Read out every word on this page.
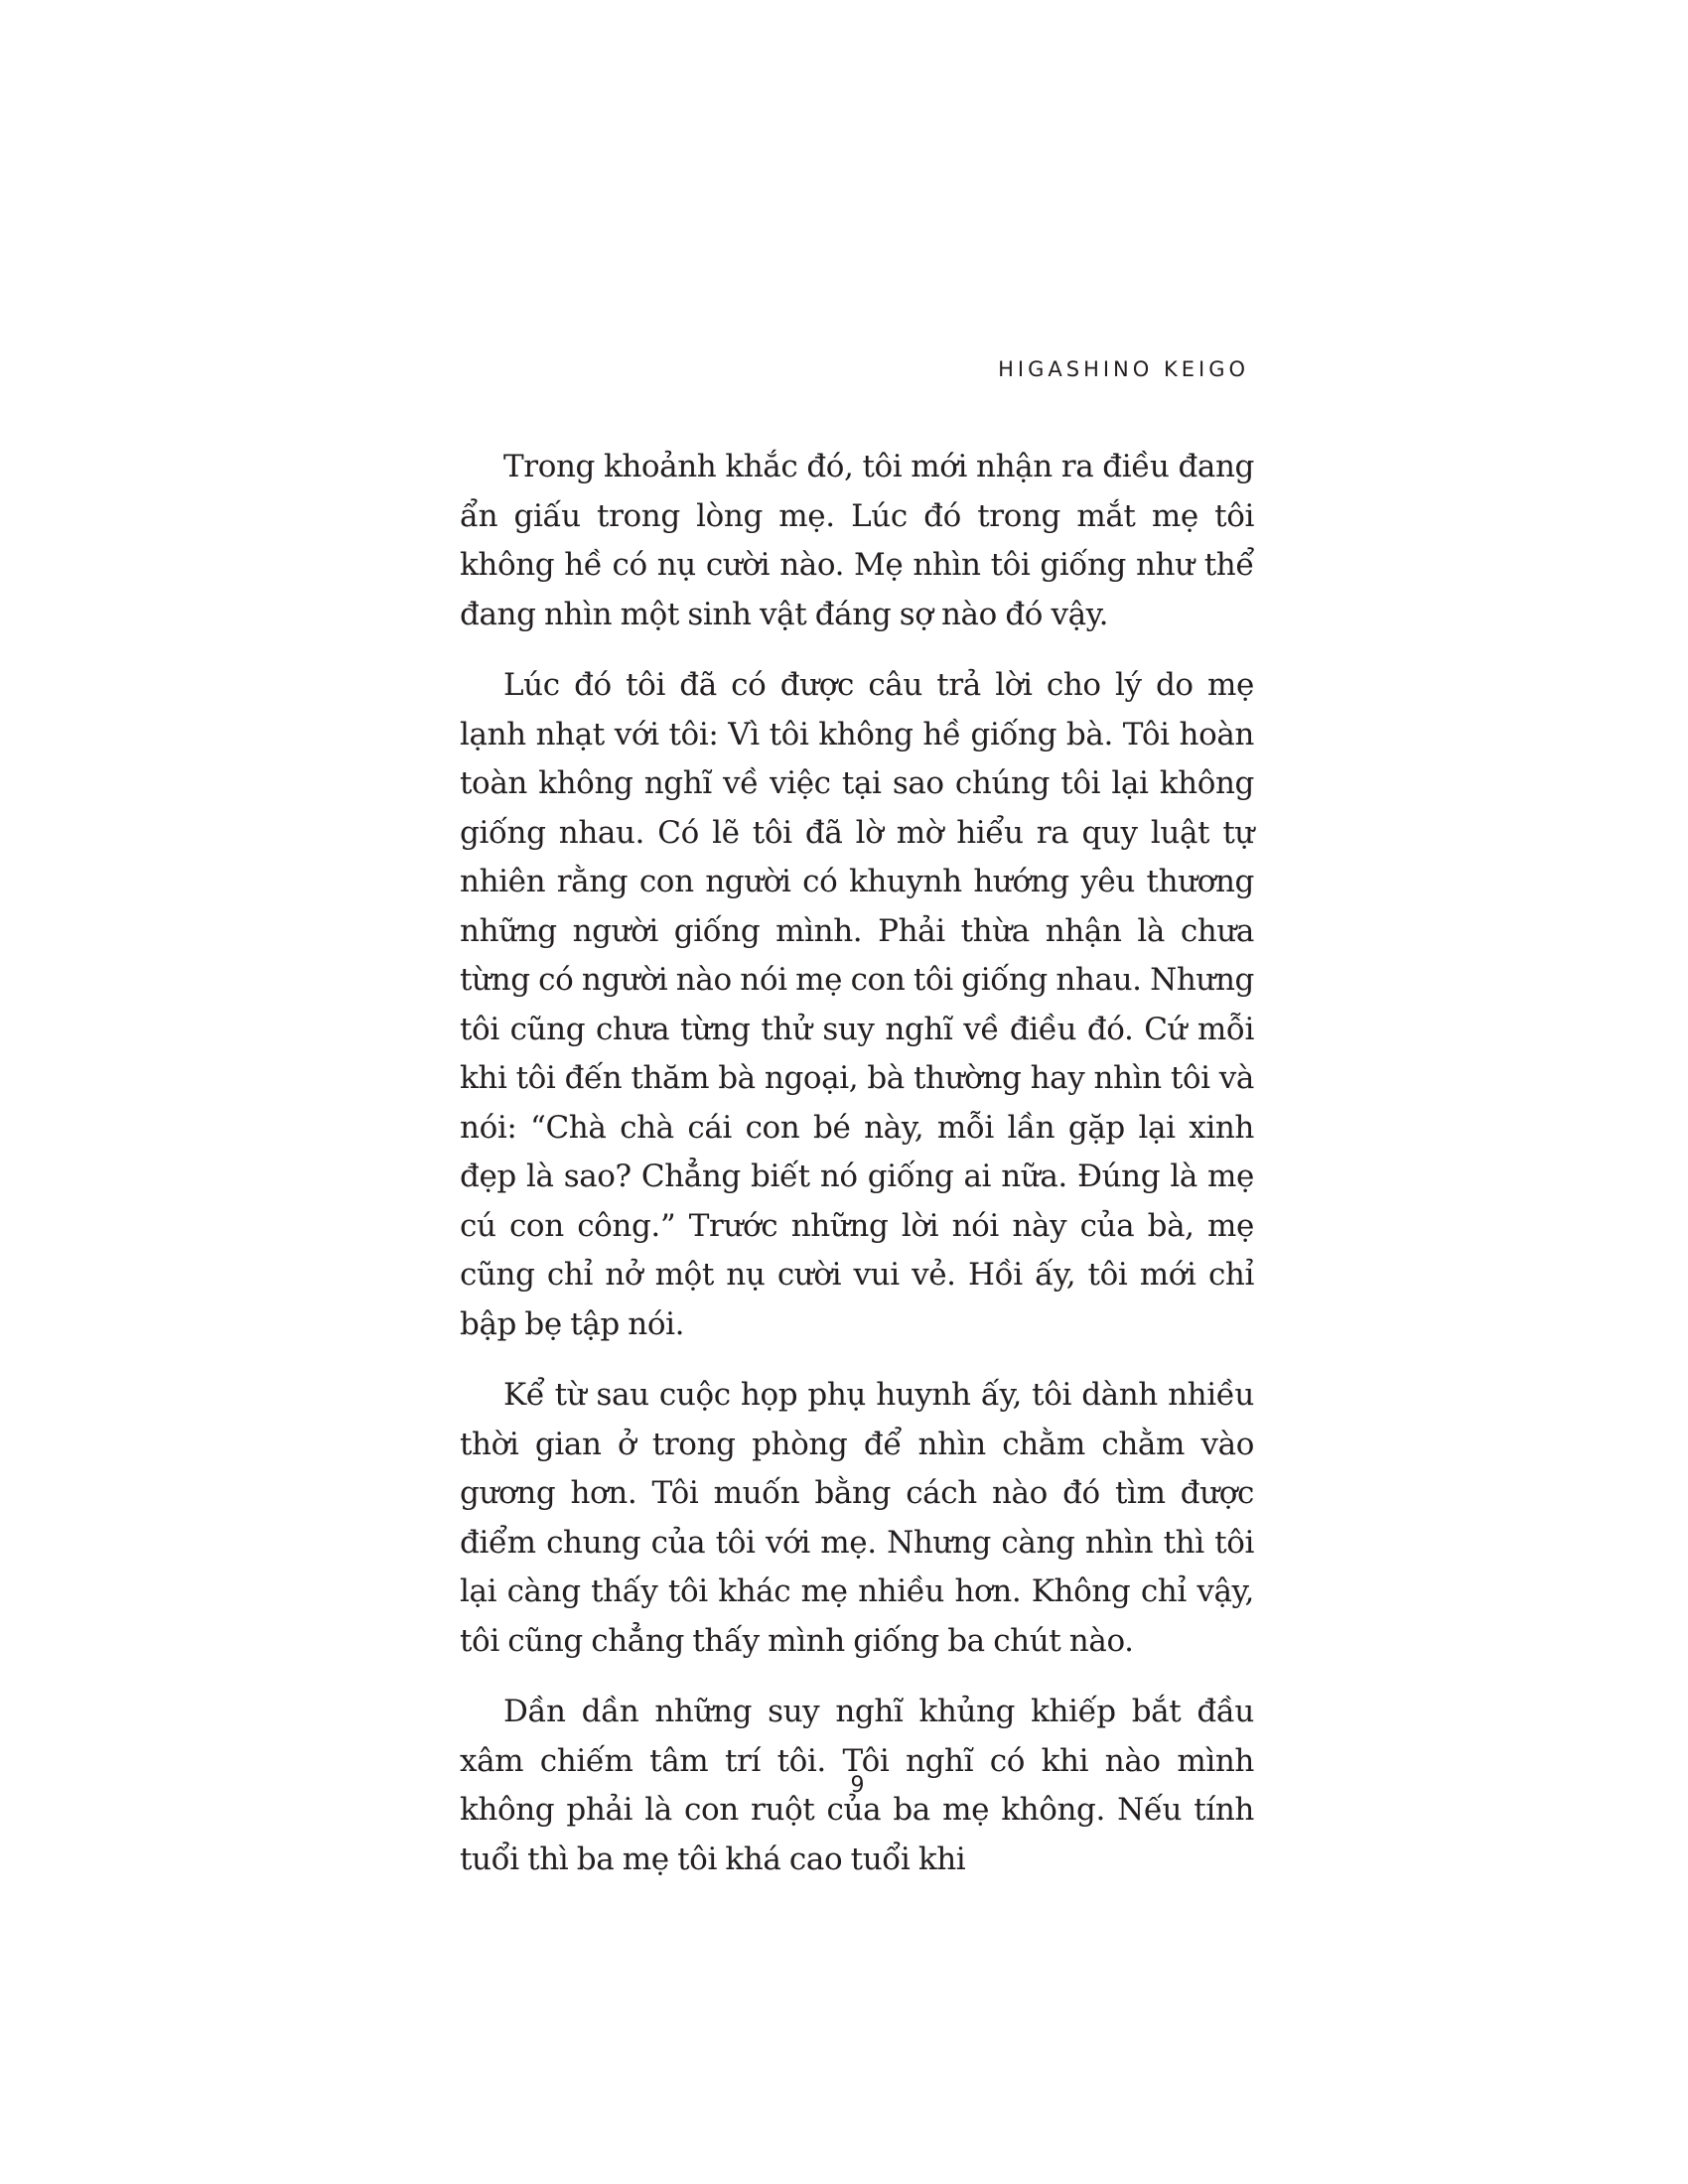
HIGASHINO KEIGO

Trong khoảnh khắc đó, tôi mới nhận ra điều đang ẩn giấu trong lòng mẹ. Lúc đó trong mắt mẹ tôi không hề có nụ cười nào. Mẹ nhìn tôi giống như thể đang nhìn một sinh vật đáng sợ nào đó vậy.

Lúc đó tôi đã có được câu trả lời cho lý do mẹ lạnh nhạt với tôi: Vì tôi không hề giống bà. Tôi hoàn toàn không nghĩ về việc tại sao chúng tôi lại không giống nhau. Có lẽ tôi đã lờ mờ hiểu ra quy luật tự nhiên rằng con người có khuynh hướng yêu thương những người giống mình. Phải thừa nhận là chưa từng có người nào nói mẹ con tôi giống nhau. Nhưng tôi cũng chưa từng thử suy nghĩ về điều đó. Cứ mỗi khi tôi đến thăm bà ngoại, bà thường hay nhìn tôi và nói: “Chà chà cái con bé này, mỗi lần gặp lại xinh đẹp là sao? Chẳng biết nó giống ai nữa. Đúng là mẹ cú con công.” Trước những lời nói này của bà, mẹ cũng chỉ nở một nụ cười vui vẻ. Hồi ấy, tôi mới chỉ bập bẹ tập nói.

Kể từ sau cuộc họp phụ huynh ấy, tôi dành nhiều thời gian ở trong phòng để nhìn chằm chằm vào gương hơn. Tôi muốn bằng cách nào đó tìm được điểm chung của tôi với mẹ. Nhưng càng nhìn thì tôi lại càng thấy tôi khác mẹ nhiều hơn. Không chỉ vậy, tôi cũng chẳng thấy mình giống ba chút nào.

Dần dần những suy nghĩ khủng khiếp bắt đầu xâm chiếm tâm trí tôi. Tôi nghĩ có khi nào mình không phải là con ruột của ba mẹ không. Nếu tính tuổi thì ba mẹ tôi khá cao tuổi khi

9
